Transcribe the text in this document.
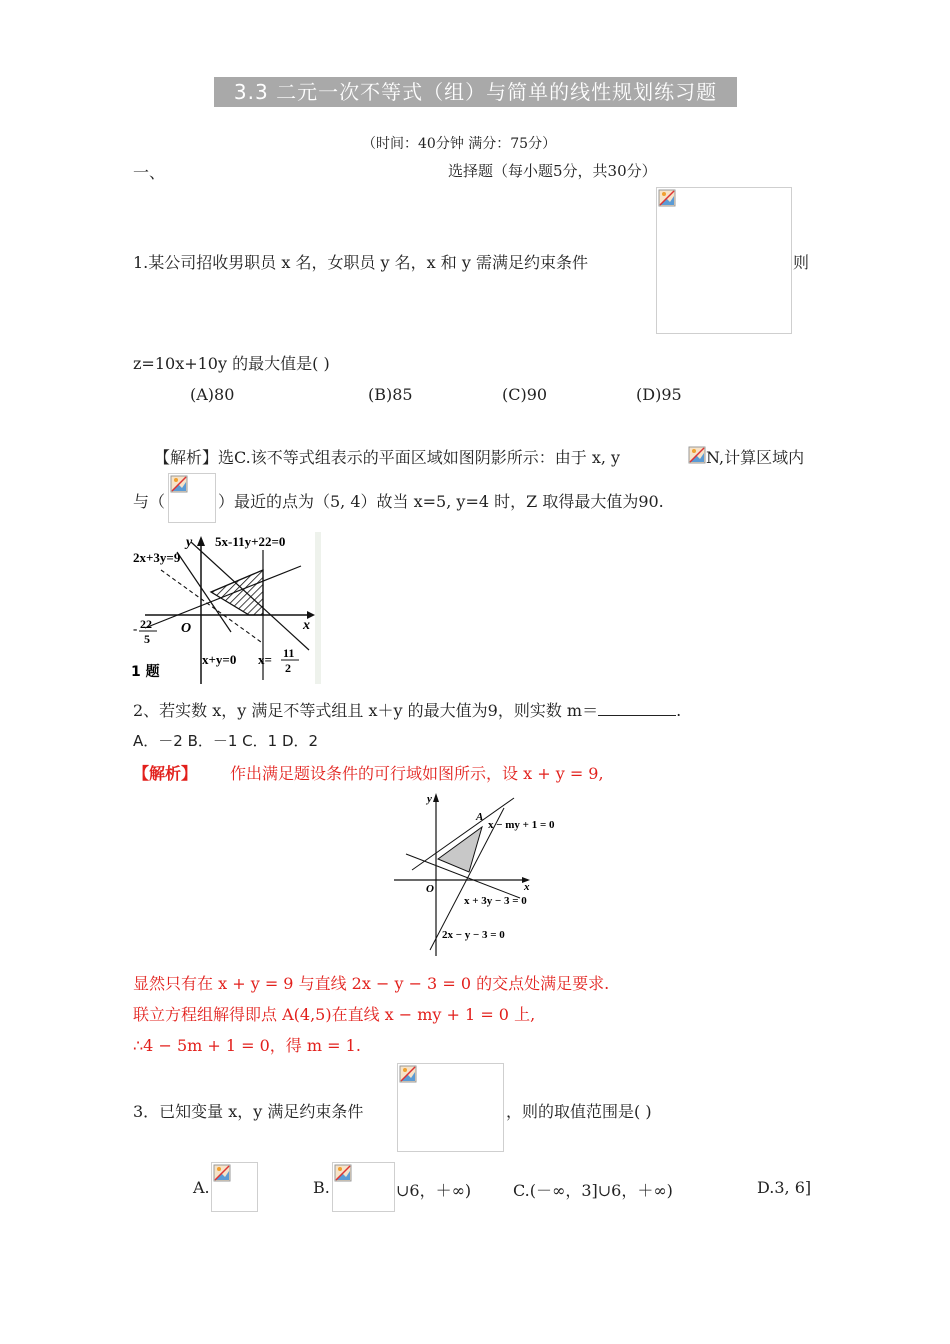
3.3 二元一次不等式（组）与简单的线性规划练习题
（时间：40分钟 满分：75分）
一、	选择题（每小题5分，共30分）
1.某公司招收男职员 x 名，女职员 y 名，x 和 y 需满足约束条件	则
z=10x+10y 的最大值是( )
(A)80	(B)85	(C)90	(D)95
【解析】选C.该不等式组表示的平面区域如图阴影所示：由于 x, y	N,计算区域内
与（	）最近的点为（5, 4）故当 x=5, y=4 时，Z 取得最大值为90.
2x+3y=9
5x-11y+22=0
x+y=0 x= 11
2
- 22
5
O	x
y
1 题
2、若实数 x，y 满足不等式组且 x＋y 的最大值为9，则实数 m＝	.
A．－2 B．－1 C．1 D．2
【解析】 作出满足题设条件的可行域如图所示，设 x + y = 9,
A
x − my + 1 = 0
x + 3y − 3 = 0
2x − y − 3 = 0
O	x
y
显然只有在 x + y = 9 与直线 2x − y − 3 = 0 的交点处满足要求.
联立方程组解得即点 A(4,5)在直线 x − my + 1 = 0 上,
∴4 − 5m + 1 = 0，得 m = 1.
3．已知变量 x，y 满足约束条件	，则的取值范围是( )
A.	B.	∪6，＋∞)	C.(－∞，3]∪6，＋∞)	D.3, 6]
